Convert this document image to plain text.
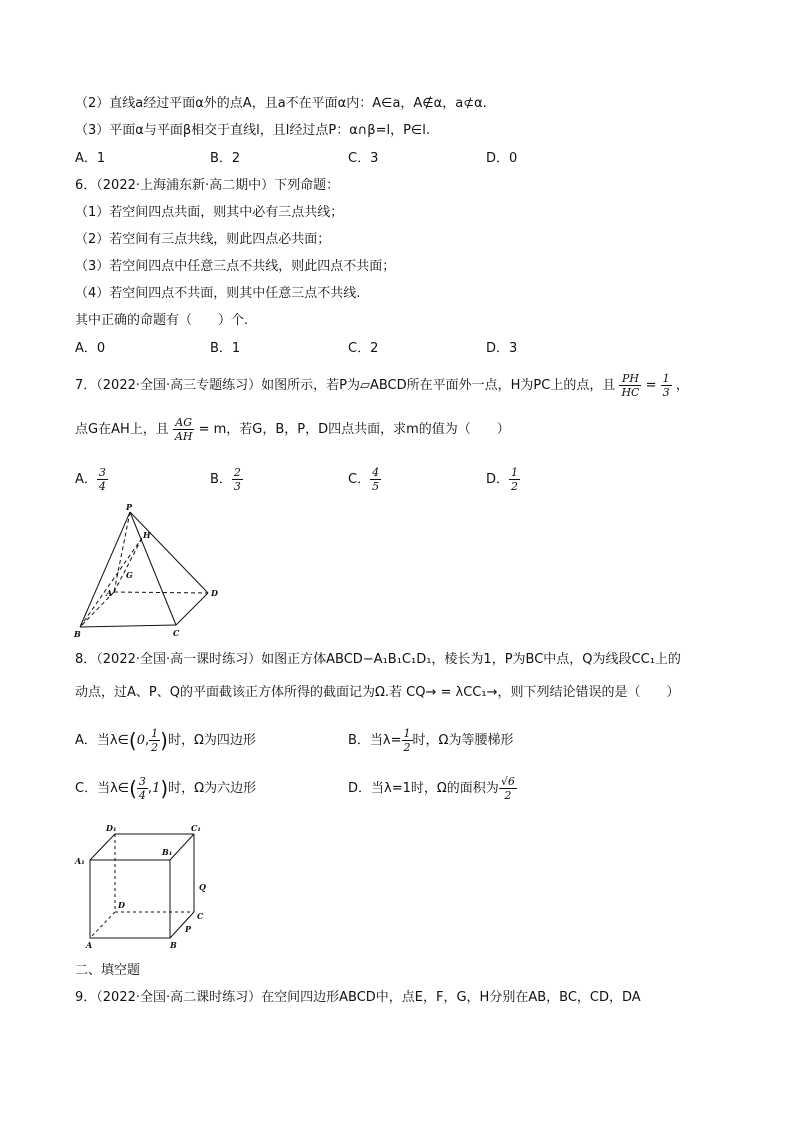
（2）直线a经过平面α外的点A，且a不在平面α内：A∈a，A∉α，a⊄α.
（3）平面α与平面β相交于直线l，且l经过点P：α∩β=l，P∈l.
A．1	B．2	C．3	D．0
6．（2022·上海浦东新·高二期中）下列命题：
（1）若空间四点共面，则其中必有三点共线；
（2）若空间有三点共线，则此四点必共面；
（3）若空间四点中任意三点不共线，则此四点不共面；
（4）若空间四点不共面，则其中任意三点不共线.
其中正确的命题有（　　）个.
A．0	B．1	C．2	D．3
7．（2022·全国·高三专题练习）如图所示，若P为▱ABCD所在平面外一点，H为PC上的点，且 $\frac{PH}{HC} = \frac{1}{3}$ ，
点G在AH上，且 $\frac{AG}{AH} = m$，若G，B，P，D四点共面，求m的值为（　　）
A． $\frac{3}{4}$	B． $\frac{2}{3}$	C． $\frac{4}{5}$	D． $\frac{1}{2}$
P
H
G
A
B	C
D
8．（2022·全国·高一课时练习）如图正方体ABCD−A₁B₁C₁D₁，棱长为1，P为BC中点，Q为线段CC₁上的
动点，过A、P、Q的平面截该正方体所得的截面记为Ω.若 CQ→ = λCC₁→，则下列结论错误的是（　　）
A．当λ∈(0, $\frac{1}{2}$ )时，Ω为四边形	B．当$\lambda= \frac{1}{2}$ 时，Ω为等腰梯形
C．当λ∈( $\frac{3}{4} ,1$)时，Ω为六边形	D．当λ=1时，Ω的面积为 $\frac{√6}{2}$
D₁	C₁
A₁
B₁
Q
D
C
P
A	B
二、填空题
9．（2022·全国·高二课时练习）在空间四边形ABCD中，点E，F，G，H分别在AB，BC，CD，DA
